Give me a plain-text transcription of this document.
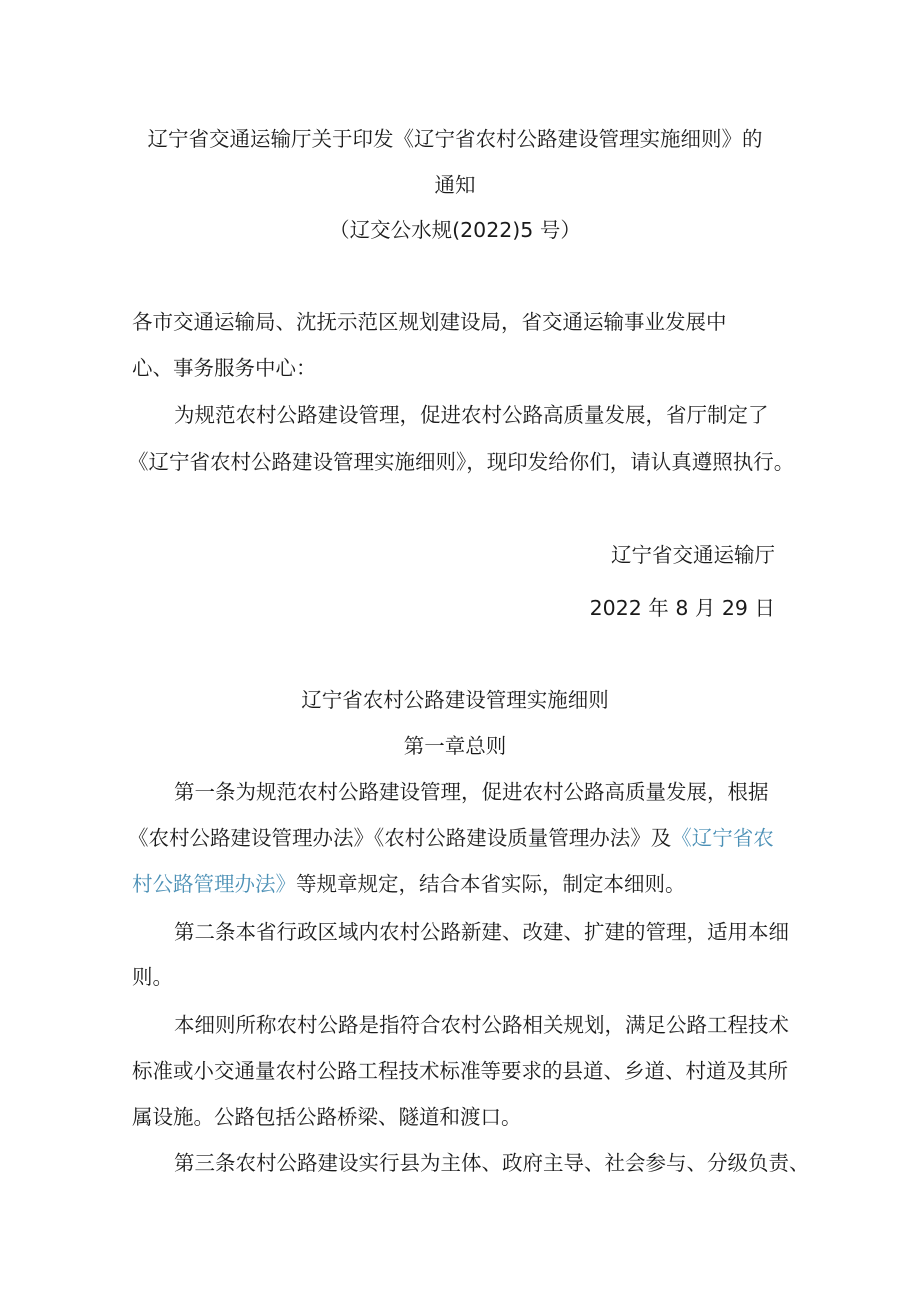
辽宁省交通运输厅关于印发《辽宁省农村公路建设管理实施细则》的
通知
（辽交公水规(2022)5 号）
各市交通运输局、沈抚示范区规划建设局，省交通运输事业发展中
心、事务服务中心：
为规范农村公路建设管理，促进农村公路高质量发展，省厅制定了
《辽宁省农村公路建设管理实施细则》，现印发给你们，请认真遵照执行。
辽宁省交通运输厅
2022 年 8 月 29 日
辽宁省农村公路建设管理实施细则
第一章总则
第一条为规范农村公路建设管理，促进农村公路高质量发展，根据
《农村公路建设管理办法》《农村公路建设质量管理办法》及《辽宁省农
村公路管理办法》等规章规定，结合本省实际，制定本细则。
第二条本省行政区域内农村公路新建、改建、扩建的管理，适用本细
则。
本细则所称农村公路是指符合农村公路相关规划，满足公路工程技术
标准或小交通量农村公路工程技术标准等要求的县道、乡道、村道及其所
属设施。公路包括公路桥梁、隧道和渡口。
第三条农村公路建设实行县为主体、政府主导、社会参与、分级负责、
